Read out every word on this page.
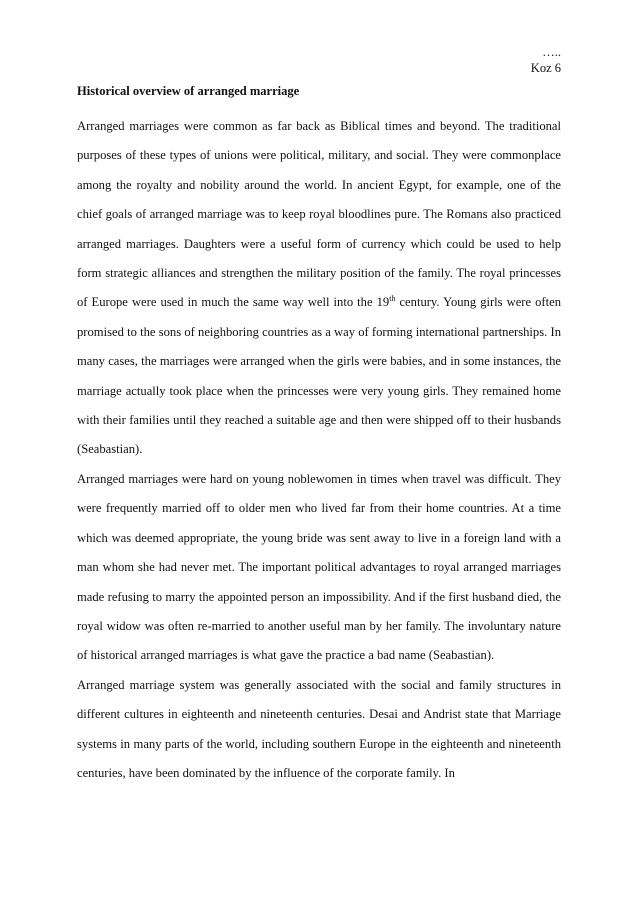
…..
Koz 6
Historical overview of arranged marriage

Arranged marriages were common as far back as Biblical times and beyond. The traditional purposes of these types of unions were political, military, and social. They were commonplace among the royalty and nobility around the world. In ancient Egypt, for example, one of the chief goals of arranged marriage was to keep royal bloodlines pure. The Romans also practiced arranged marriages. Daughters were a useful form of currency which could be used to help form strategic alliances and strengthen the military position of the family. The royal princesses of Europe were used in much the same way well into the 19th century. Young girls were often promised to the sons of neighboring countries as a way of forming international partnerships. In many cases, the marriages were arranged when the girls were babies, and in some instances, the marriage actually took place when the princesses were very young girls. They remained home with their families until they reached a suitable age and then were shipped off to their husbands (Seabastian).

Arranged marriages were hard on young noblewomen in times when travel was difficult. They were frequently married off to older men who lived far from their home countries. At a time which was deemed appropriate, the young bride was sent away to live in a foreign land with a man whom she had never met. The important political advantages to royal arranged marriages made refusing to marry the appointed person an impossibility. And if the first husband died, the royal widow was often re-married to another useful man by her family. The involuntary nature of historical arranged marriages is what gave the practice a bad name (Seabastian).

Arranged marriage system was generally associated with the social and family structures in different cultures in eighteenth and nineteenth centuries. Desai and Andrist state that Marriage systems in many parts of the world, including southern Europe in the eighteenth and nineteenth centuries, have been dominated by the influence of the corporate family. In
